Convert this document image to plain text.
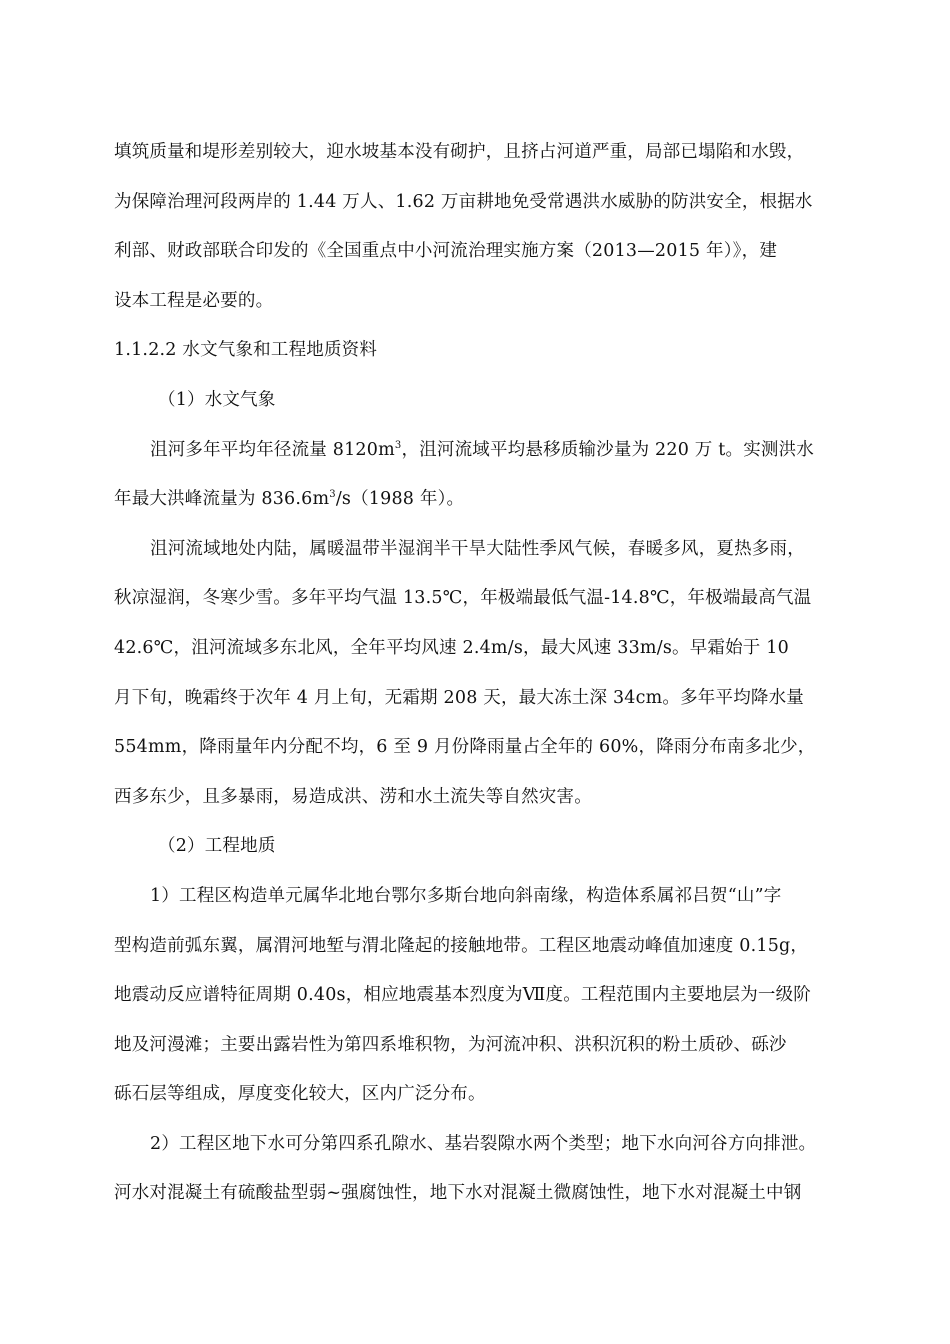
填筑质量和堤形差别较大，迎水坡基本没有砌护，且挤占河道严重，局部已塌陷和水毁，
为保障治理河段两岸的 1.44 万人、1.62 万亩耕地免受常遇洪水威胁的防洪安全，根据水
利部、财政部联合印发的《全国重点中小河流治理实施方案（2013—2015 年）》，建
设本工程是必要的。
1.1.2.2 水文气象和工程地质资料
（1）水文气象
沮河多年平均年径流量 $8120m^3$，沮河流域平均悬移质输沙量为 220 万 t。实测洪水
年最大洪峰流量为 $836.6m^3/s(1988$ 年）。
沮河流域地处内陆，属暖温带半湿润半干旱大陆性季风气候，春暖多风，夏热多雨，
秋凉湿润，冬寒少雪。多年平均气温 13.5℃，年极端最低气温-14.8℃，年极端最高气温
42.6℃，沮河流域多东北风，全年平均风速 2.4m/s，最大风速 33m/s。早霜始于 10
月下旬，晚霜终于次年 4 月上旬，无霜期 208 天，最大冻土深 34cm。多年平均降水量
554mm，降雨量年内分配不均，6 至 9 月份降雨量占全年的 60%，降雨分布南多北少，
西多东少，且多暴雨，易造成洪、涝和水土流失等自然灾害。
（2）工程地质
1）工程区构造单元属华北地台鄂尔多斯台地向斜南缘，构造体系属祁吕贺“山”字
型构造前弧东翼，属渭河地堑与渭北隆起的接触地带。工程区地震动峰值加速度 0.15g，
地震动反应谱特征周期 0.40s，相应地震基本烈度为Ⅶ度。工程范围内主要地层为一级阶
地及河漫滩；主要出露岩性为第四系堆积物，为河流冲积、洪积沉积的粉土质砂、砾沙
砾石层等组成，厚度变化较大，区内广泛分布。
2）工程区地下水可分第四系孔隙水、基岩裂隙水两个类型；地下水向河谷方向排泄。
河水对混凝土有硫酸盐型弱~强腐蚀性，地下水对混凝土微腐蚀性，地下水对混凝土中钢
